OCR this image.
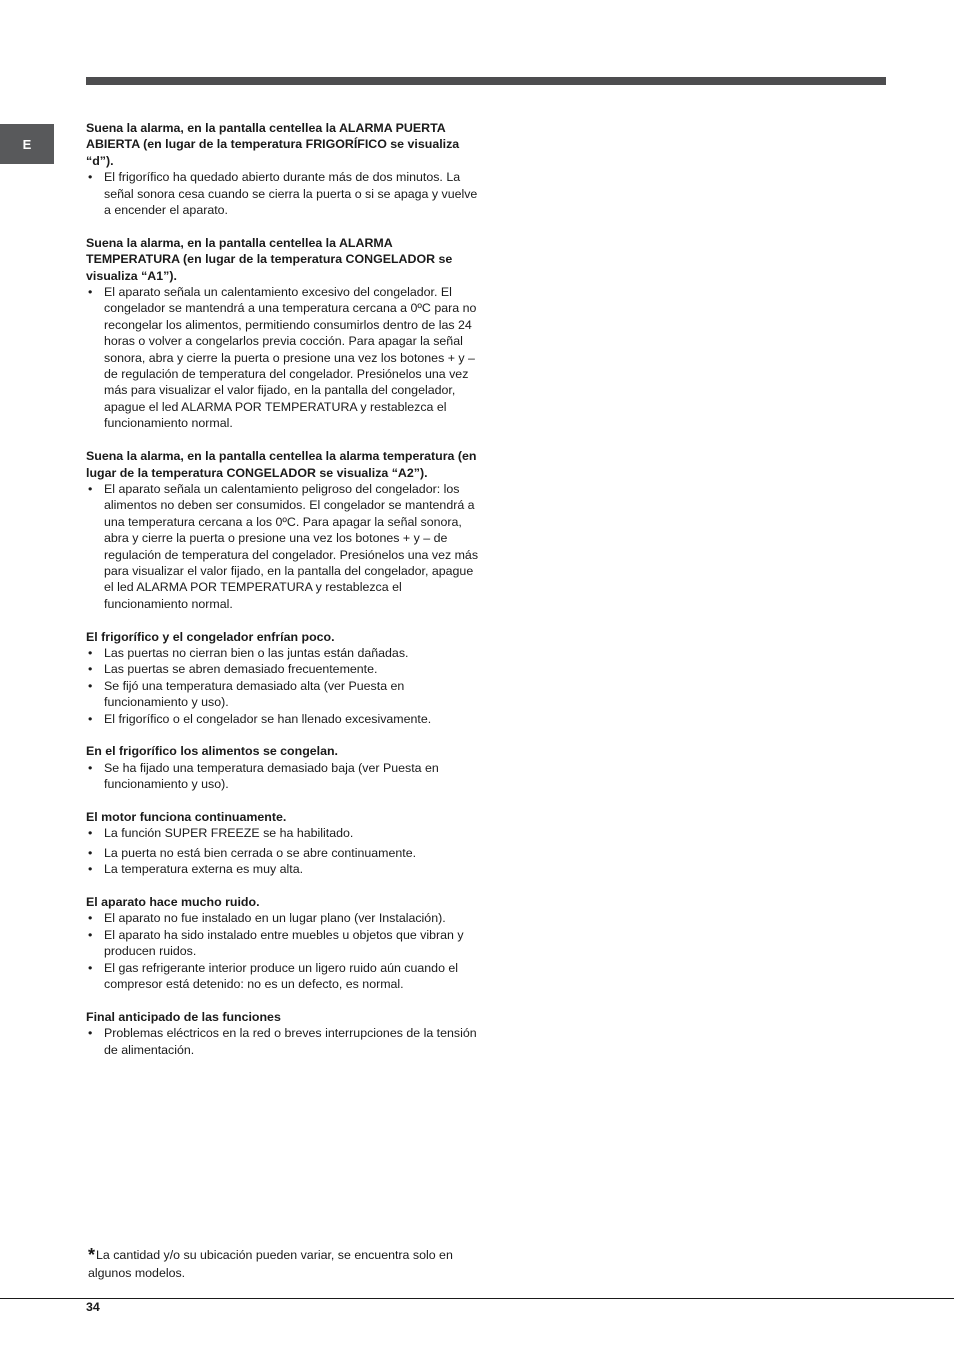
E

Suena la alarma, en la pantalla centellea la ALARMA PUERTA ABIERTA (en lugar de la temperatura FRIGORÍFICO se visualiza “d”).

• El frigorífico ha quedado abierto durante más de dos minutos. La señal sonora cesa cuando se cierra la puerta o si se apaga y vuelve a encender el aparato.

Suena la alarma, en la pantalla centellea la ALARMA TEMPERATURA (en lugar de la temperatura CONGELADOR se visualiza “A1”).

• El aparato señala un calentamiento excesivo del congelador. El congelador se mantendrá a una temperatura cercana a 0ºC para no recongelar los alimentos, permitiendo consumirlos dentro de las 24 horas o volver a congelarlos previa cocción. Para apagar la señal sonora, abra y cierre la puerta o presione una vez los botones + y – de regulación de temperatura del congelador. Presiónelos una vez más para visualizar el valor fijado, en la pantalla del congelador, apague el led ALARMA POR TEMPERATURA y restablezca el funcionamiento normal.

Suena la alarma, en la pantalla centellea la alarma temperatura (en lugar de la temperatura CONGELADOR se visualiza “A2”).

• El aparato señala un calentamiento peligroso del congelador: los alimentos no deben ser consumidos. El congelador se mantendrá a una temperatura cercana a los 0ºC. Para apagar la señal sonora, abra y cierre la puerta o presione una vez los botones + y – de regulación de temperatura del congelador. Presiónelos una vez más para visualizar el valor fijado, en la pantalla del congelador, apague el led ALARMA POR TEMPERATURA y restablezca el funcionamiento normal.

El frigorífico y el congelador enfrían poco.

• Las puertas no cierran bien o las juntas están dañadas.
• Las puertas se abren demasiado frecuentemente.
• Se fijó una temperatura demasiado alta (ver Puesta en funcionamiento y uso).
• El frigorífico o el congelador se han llenado excesivamente.

En el frigorífico los alimentos se congelan.

• Se ha fijado una temperatura demasiado baja (ver Puesta en funcionamiento y uso).

El motor funciona continuamente.

• La función SUPER FREEZE se ha habilitado.
• La puerta no está bien cerrada o se abre continuamente.
• La temperatura externa es muy alta.

El aparato hace mucho ruido.

• El aparato no fue instalado en un lugar plano (ver Instalación).
• El aparato ha sido instalado entre muebles u objetos que vibran y producen ruidos.
• El gas refrigerante interior produce un ligero ruido aún cuando el compresor está detenido: no es un defecto, es normal.

Final anticipado de las funciones

• Problemas eléctricos en la red o breves interrupciones de la tensión de alimentación.
*La cantidad y/o su ubicación pueden variar, se encuentra solo en algunos modelos.
34
